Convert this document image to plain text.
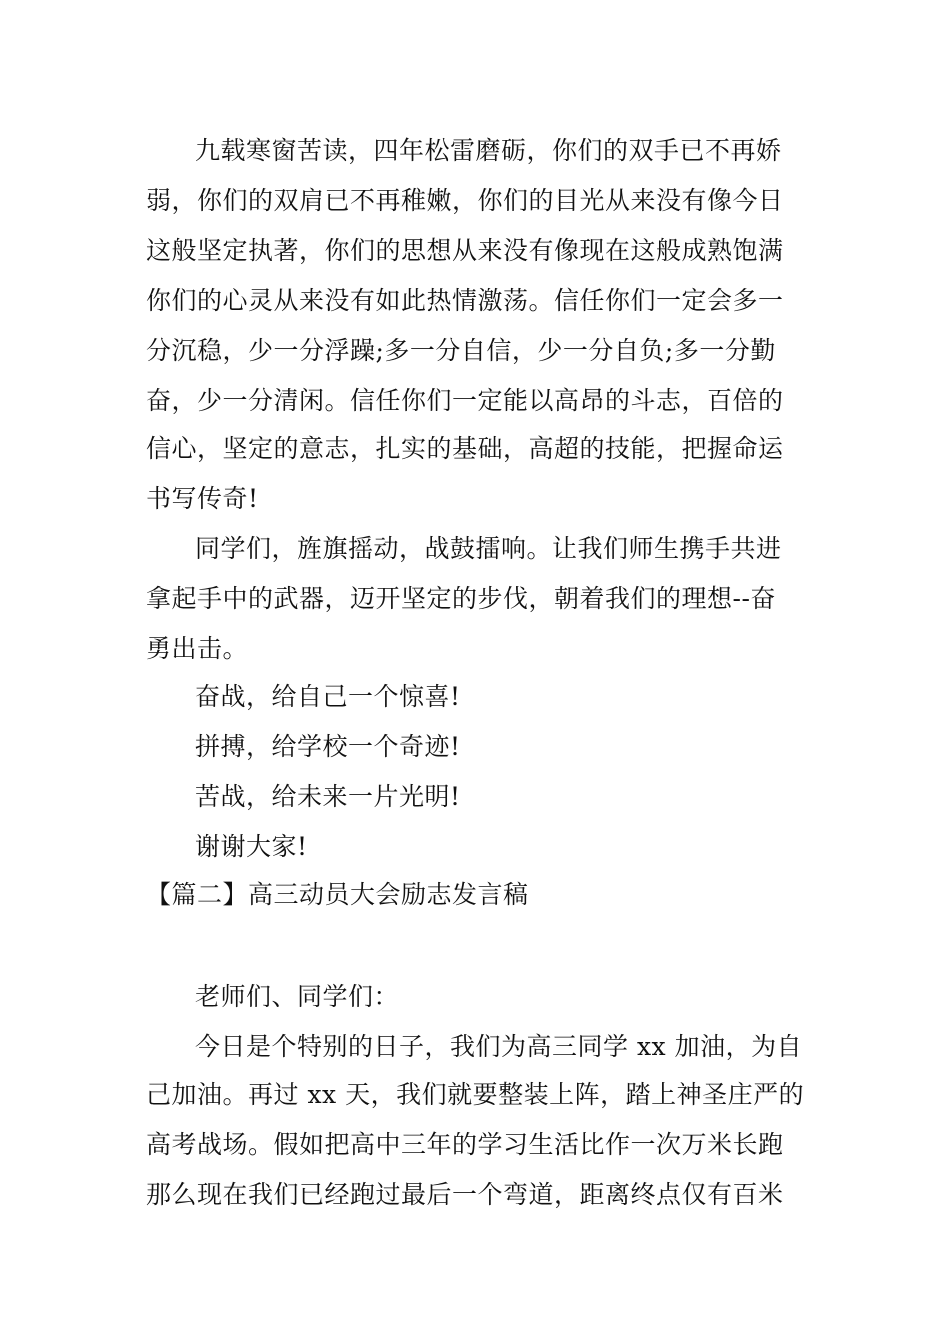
九载寒窗苦读，四年松雷磨砺，你们的双手已不再娇
弱，你们的双肩已不再稚嫩，你们的目光从来没有像今日
这般坚定执著，你们的思想从来没有像现在这般成熟饱满
你们的心灵从来没有如此热情激荡。信任你们一定会多一
分沉稳，少一分浮躁;多一分自信，少一分自负;多一分勤
奋，少一分清闲。信任你们一定能以高昂的斗志，百倍的
信心，坚定的意志，扎实的基础，高超的技能，把握命运
书写传奇!
同学们，旌旗摇动，战鼓擂响。让我们师生携手共进
拿起手中的武器，迈开坚定的步伐，朝着我们的理想--奋
勇出击。
奋战，给自己一个惊喜!
拼搏，给学校一个奇迹!
苦战，给未来一片光明!
谢谢大家!
【篇二】高三动员大会励志发言稿
老师们、同学们：
今日是个特别的日子，我们为高三同学 xx 加油，为自
己加油。再过 xx 天，我们就要整装上阵，踏上神圣庄严的
高考战场。假如把高中三年的学习生活比作一次万米长跑
那么现在我们已经跑过最后一个弯道，距离终点仅有百米
